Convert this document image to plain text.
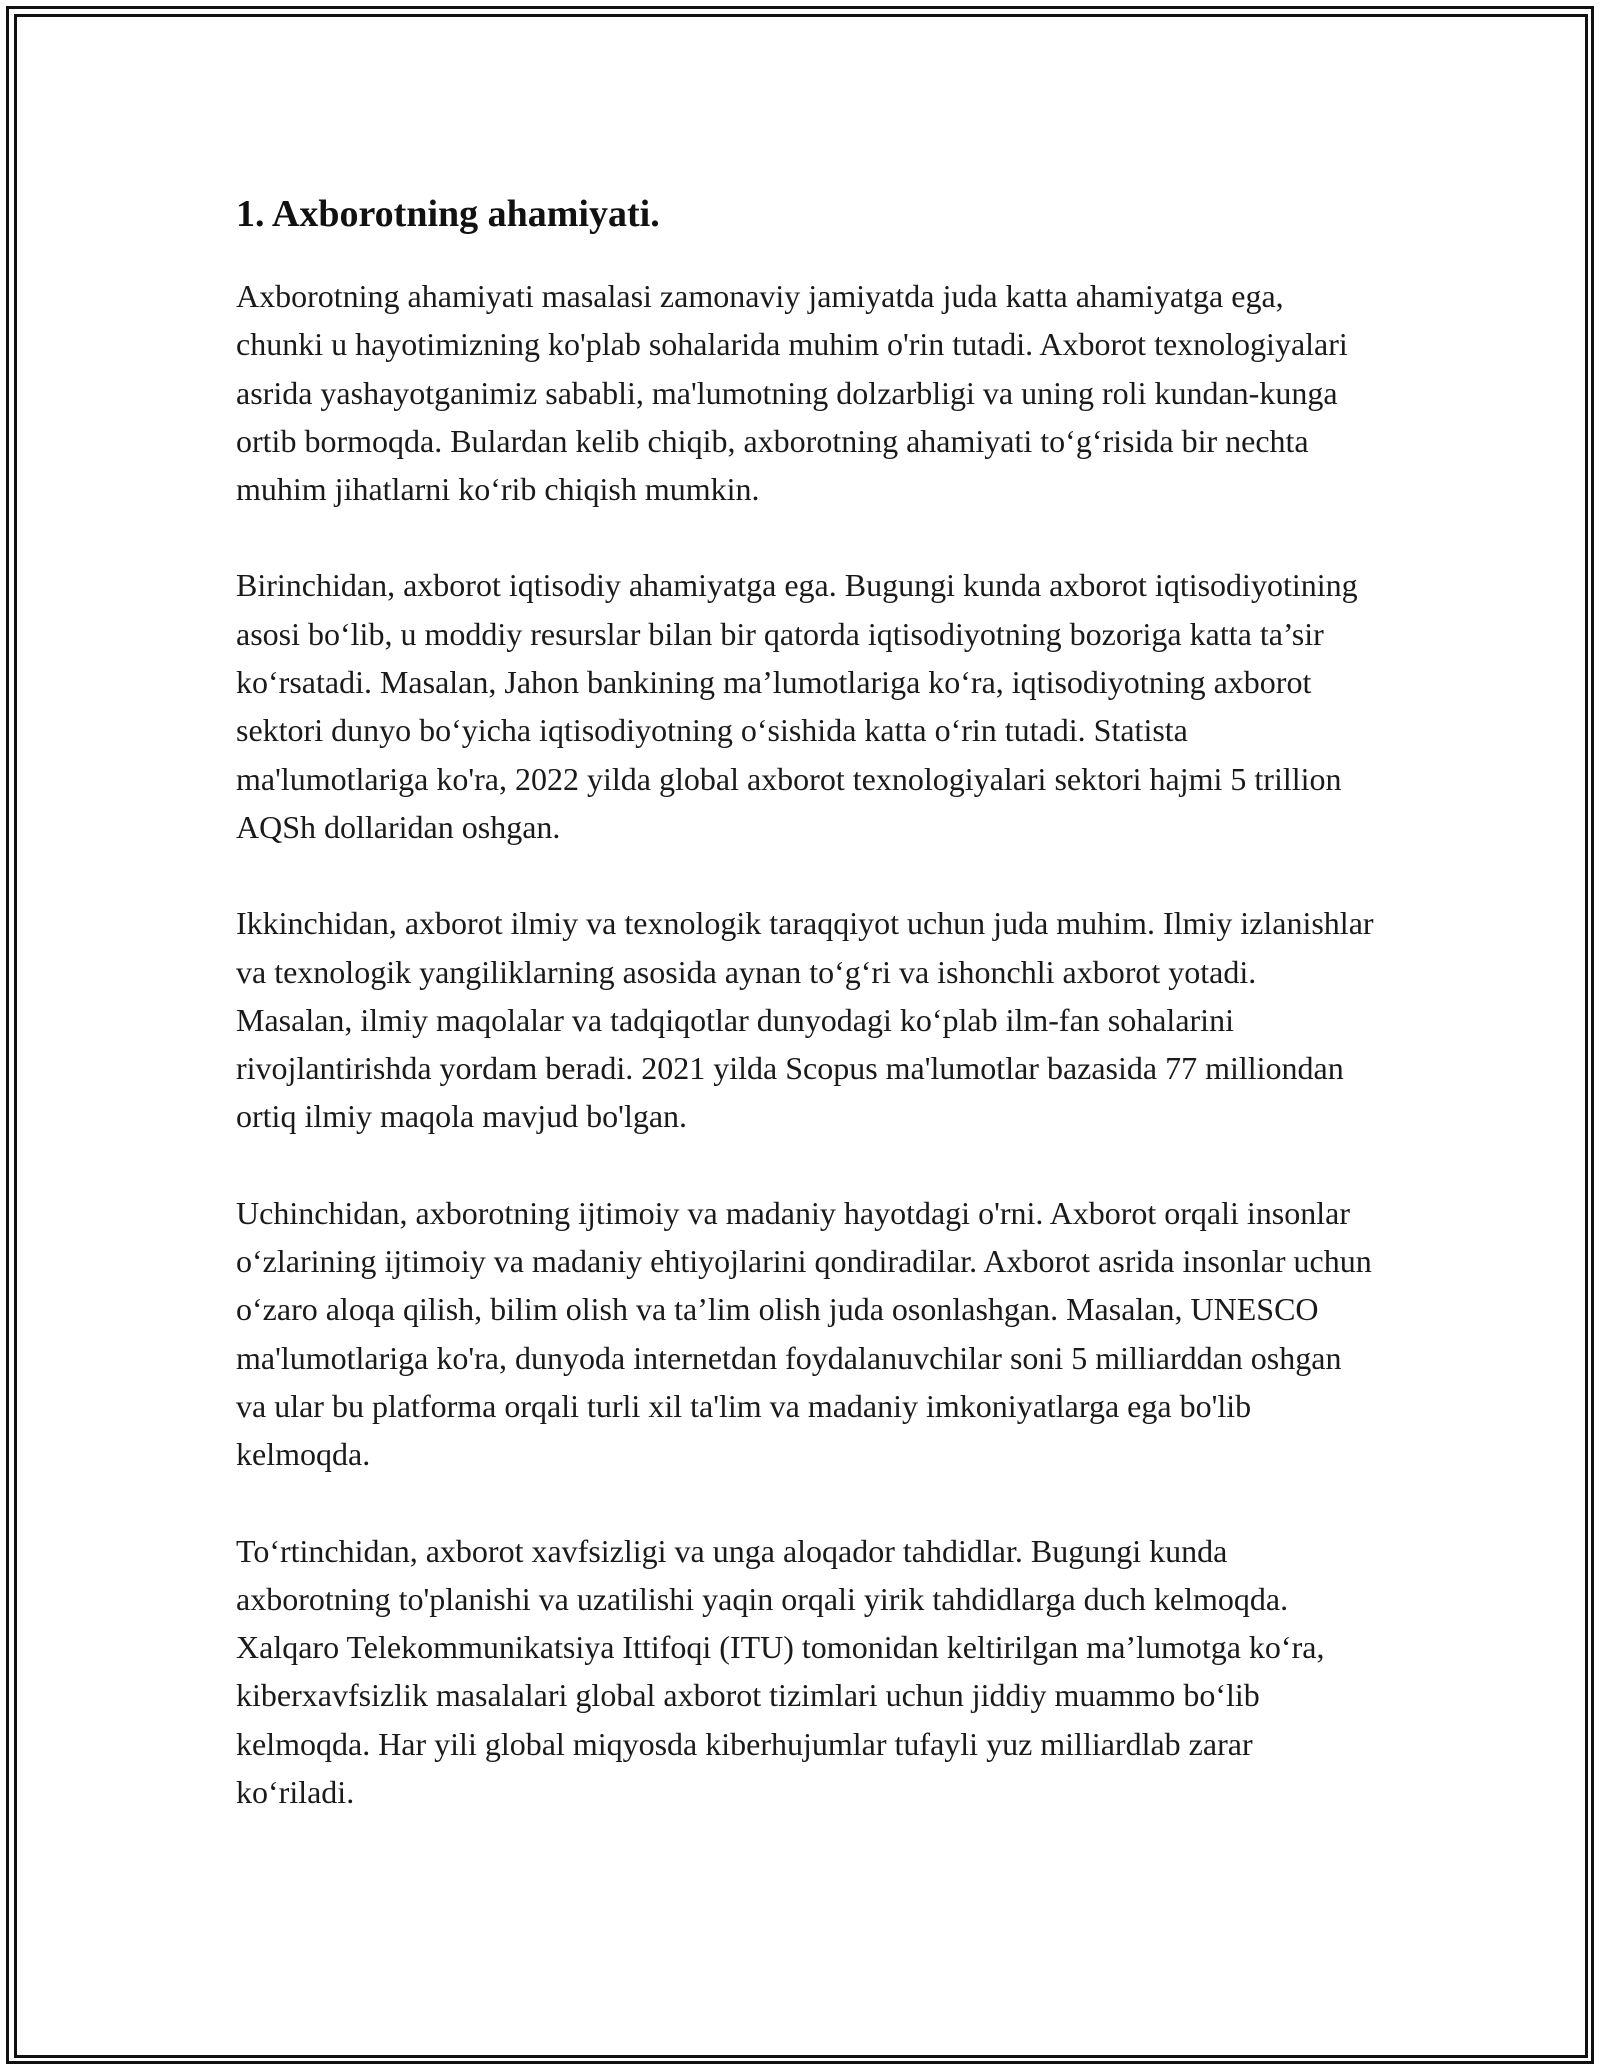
1. Axborotning ahamiyati.

Axborotning ahamiyati masalasi zamonaviy jamiyatda juda katta ahamiyatga ega, chunki u hayotimizning ko'plab sohalarida muhim o'rin tutadi. Axborot texnologiyalari asrida yashayotganimiz sababli, ma'lumotning dolzarbligi va uning roli kundan-kunga ortib bormoqda. Bulardan kelib chiqib, axborotning ahamiyati to‘g‘risida bir nechta muhim jihatlarni ko‘rib chiqish mumkin.

Birinchidan, axborot iqtisodiy ahamiyatga ega. Bugungi kunda axborot iqtisodiyotining asosi bo‘lib, u moddiy resurslar bilan bir qatorda iqtisodiyotning bozoriga katta ta’sir ko‘rsatadi. Masalan, Jahon bankining ma’lumotlariga ko‘ra, iqtisodiyotning axborot sektori dunyo bo‘yicha iqtisodiyotning o‘sishida katta o‘rin tutadi. Statista ma'lumotlariga ko'ra, 2022 yilda global axborot texnologiyalari sektori hajmi 5 trillion AQSh dollaridan oshgan.

Ikkinchidan, axborot ilmiy va texnologik taraqqiyot uchun juda muhim. Ilmiy izlanishlar va texnologik yangiliklarning asosida aynan to‘g‘ri va ishonchli axborot yotadi. Masalan, ilmiy maqolalar va tadqiqotlar dunyodagi ko‘plab ilm-fan sohalarini rivojlantirishda yordam beradi. 2021 yilda Scopus ma'lumotlar bazasida 77 milliondan ortiq ilmiy maqola mavjud bo'lgan.

Uchinchidan, axborotning ijtimoiy va madaniy hayotdagi o'rni. Axborot orqali insonlar o‘zlarining ijtimoiy va madaniy ehtiyojlarini qondiradilar. Axborot asrida insonlar uchun o‘zaro aloqa qilish, bilim olish va ta’lim olish juda osonlashgan. Masalan, UNESCO ma'lumotlariga ko'ra, dunyoda internetdan foydalanuvchilar soni 5 milliarddan oshgan va ular bu platforma orqali turli xil ta'lim va madaniy imkoniyatlarga ega bo'lib kelmoqda.

To‘rtinchidan, axborot xavfsizligi va unga aloqador tahdidlar. Bugungi kunda axborotning to'planishi va uzatilishi yaqin orqali yirik tahdidlarga duch kelmoqda. Xalqaro Telekommunikatsiya Ittifoqi (ITU) tomonidan keltirilgan ma’lumotga ko‘ra, kiberxavfsizlik masalalari global axborot tizimlari uchun jiddiy muammo bo‘lib kelmoqda. Har yili global miqyosda kiberhujumlar tufayli yuz milliardlab zarar ko‘riladi.
